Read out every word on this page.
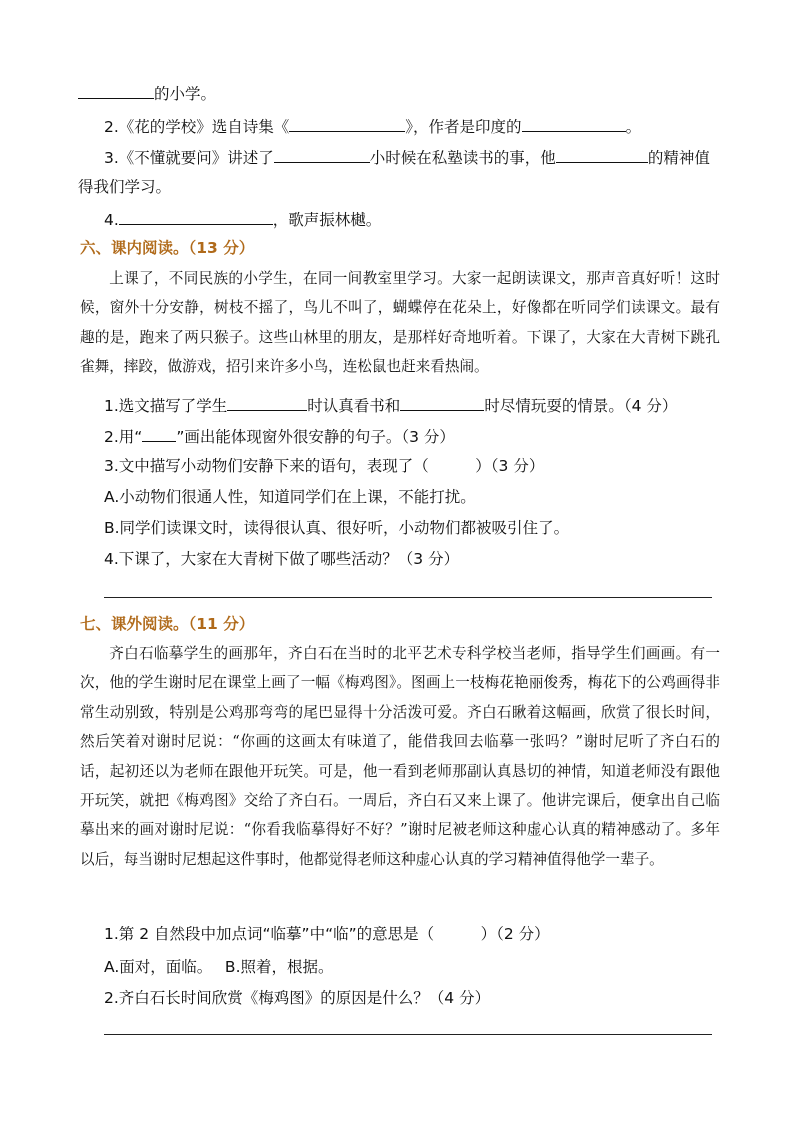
的小学。
2.《花的学校》选自诗集《	》，作者是印度的	。
3.《不懂就要问》讲述了	小时候在私塾读书的事，他	的精神值
得我们学习。
4.	，歌声振林樾。
六、课内阅读。（13 分）
上课了，不同民族的小学生，在同一间教室里学习。大家一起朗读课文，那声音真好听！这时候，窗外十分安静，树枝不摇了，鸟儿不叫了，蝴蝶停在花朵上，好像都在听同学们读课文。最有趣的是，跑来了两只猴子。这些山林里的朋友，是那样好奇地听着。下课了，大家在大青树下跳孔雀舞，摔跤，做游戏，招引来许多小鸟，连松鼠也赶来看热闹。
1.选文描写了学生	时认真看书和	时尽情玩耍的情景。（4 分）
2.用“ ”画出能体现窗外很安静的句子。（3 分）
3.文中描写小动物们安静下来的语句，表现了（　　　）（3 分）
A.小动物们很通人性，知道同学们在上课，不能打扰。
B.同学们读课文时，读得很认真、很好听，小动物们都被吸引住了。
4.下课了，大家在大青树下做了哪些活动？（3 分）
七、课外阅读。（11 分）
齐白石临摹学生的画那年，齐白石在当时的北平艺术专科学校当老师，指导学生们画画。有一次，他的学生谢时尼在课堂上画了一幅《梅鸡图》。图画上一枝梅花艳丽俊秀，梅花下的公鸡画得非常生动别致，特别是公鸡那弯弯的尾巴显得十分活泼可爱。齐白石瞅着这幅画，欣赏了很长时间，然后笑着对谢时尼说：“你画的这画太有味道了，能借我回去临摹一张吗？”谢时尼听了齐白石的话，起初还以为老师在跟他开玩笑。可是，他一看到老师那副认真恳切的神情，知道老师没有跟他开玩笑，就把《梅鸡图》交给了齐白石。一周后，齐白石又来上课了。他讲完课后，便拿出自己临摹出来的画对谢时尼说：“你看我临摹得好不好？”谢时尼被老师这种虚心认真的精神感动了。多年以后，每当谢时尼想起这件事时，他都觉得老师这种虚心认真的学习精神值得他学一辈子。
1.第 2 自然段中加点词“临摹”中“临”的意思是（　　　）（2 分）
A.面对，面临。　 B.照着，根据。
2.齐白石长时间欣赏《梅鸡图》的原因是什么？（4 分）
